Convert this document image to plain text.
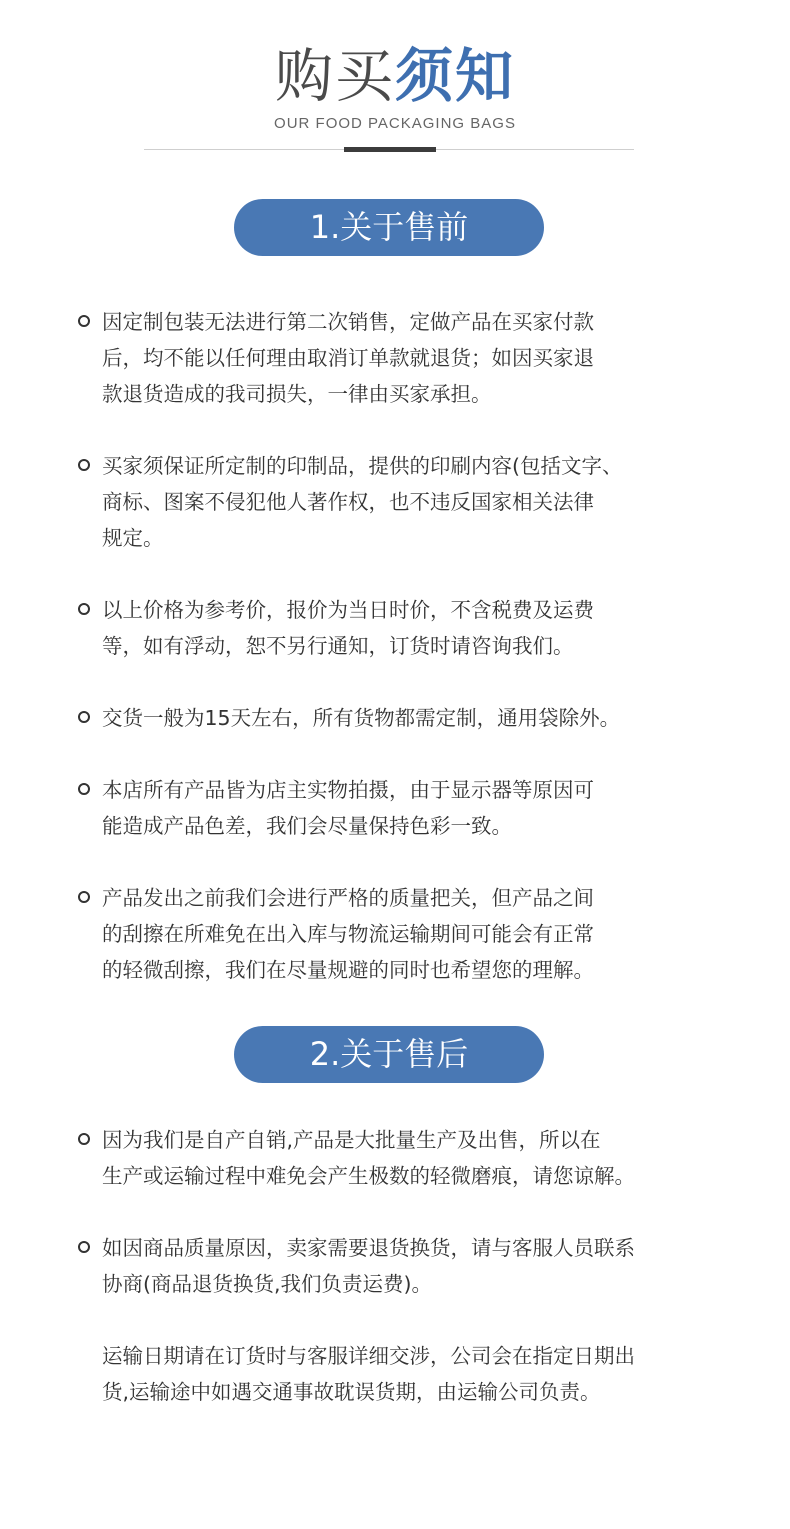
购买须知
OUR FOOD PACKAGING BAGS
1.关于售前
因定制包装无法进行第二次销售，定做产品在买家付款
后，均不能以任何理由取消订单款就退货；如因买家退
款退货造成的我司损失，一律由买家承担。
买家须保证所定制的印制品，提供的印刷内容(包括文字、
商标、图案不侵犯他人著作权，也不违反国家相关法律
规定。
以上价格为参考价，报价为当日时价，不含税费及运费
等，如有浮动，恕不另行通知，订货时请咨询我们。
交货一般为15天左右，所有货物都需定制，通用袋除外。
本店所有产品皆为店主实物拍摄，由于显示器等原因可
能造成产品色差，我们会尽量保持色彩一致。
产品发出之前我们会进行严格的质量把关，但产品之间
的刮擦在所难免在出入库与物流运输期间可能会有正常
的轻微刮擦，我们在尽量规避的同时也希望您的理解。
2.关于售后
因为我们是自产自销,产品是大批量生产及出售，所以在
生产或运输过程中难免会产生极数的轻微磨痕，请您谅解。
如因商品质量原因，卖家需要退货换货，请与客服人员联系
协商(商品退货换货,我们负责运费)。
运输日期请在订货时与客服详细交涉，公司会在指定日期出
货,运输途中如遇交通事故耽误货期，由运输公司负责。
